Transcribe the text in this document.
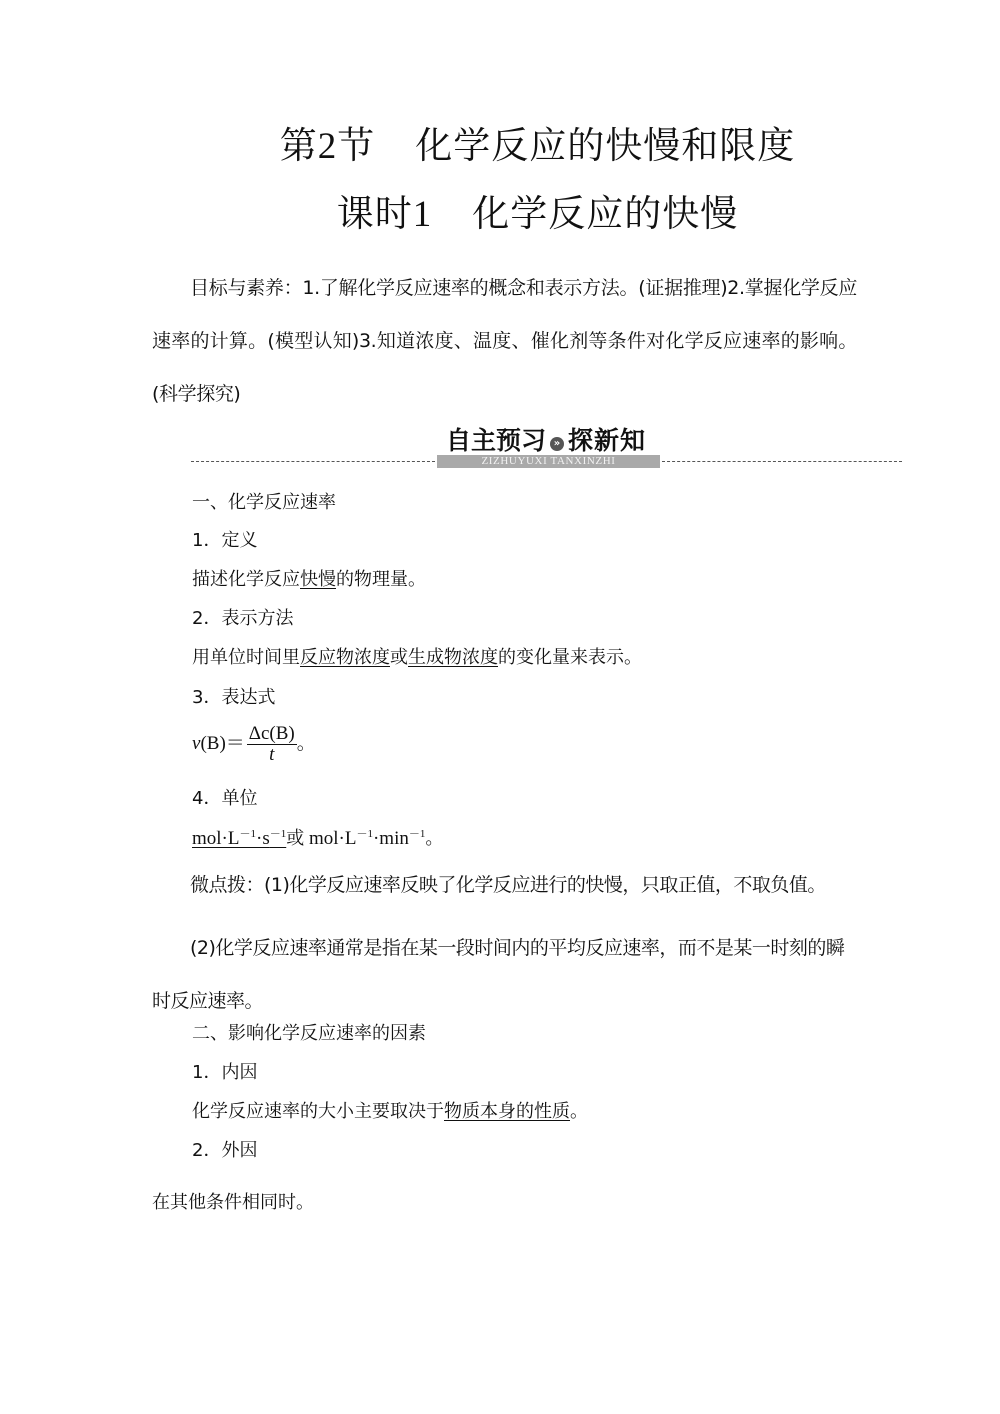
第2节 化学反应的快慢和限度
课时1 化学反应的快慢
目标与素养：1.了解化学反应速率的概念和表示方法。(证据推理)2.掌握化学反应速率的计算。(模型认知)3.知道浓度、温度、催化剂等条件对化学反应速率的影响。(科学探究)
自主预习 » 探新知
ZIZHUYUXI TANXINZHI
一、化学反应速率
1．定义
描述化学反应快慢的物理量。
2．表示方法
用单位时间里反应物浓度或生成物浓度的变化量来表示。
3．表达式
$v(B)= \frac{\Delta c(B)}{t}$ 。
4．单位
$mol\cdot L^{-1}\cdot s^{-1}$或 $mol\cdot L^{-1}\cdot\min^{-1}$。
微点拨：(1)化学反应速率反映了化学反应进行的快慢，只取正值，不取负值。
(2)化学反应速率通常是指在某一段时间内的平均反应速率，而不是某一时刻的瞬时反应速率。
二、影响化学反应速率的因素
1．内因
化学反应速率的大小主要取决于物质本身的性质。
2．外因
在其他条件相同时。
